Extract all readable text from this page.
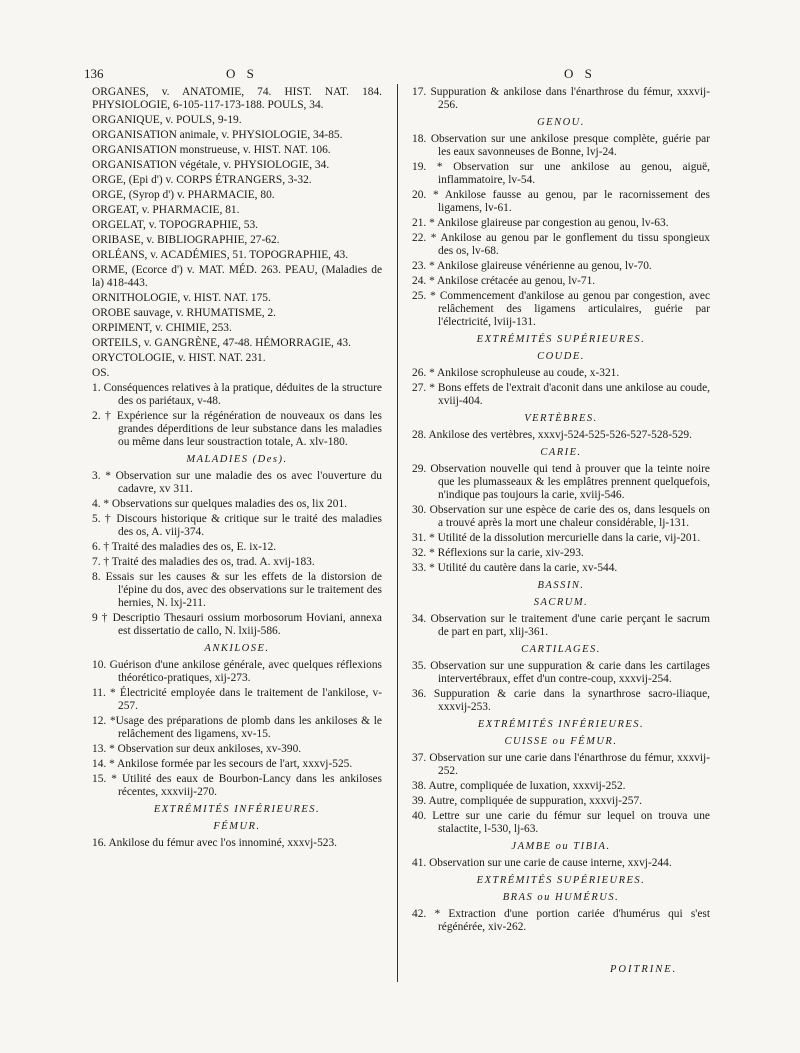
136	O S	O S

ORGANES, v. ANATOMIE, 74. HIST. NAT. 184. PHYSIOLOGIE, 6-105-117-173-188. POULS, 34.

ORGANIQUE, v. POULS, 9-19.

ORGANISATION animale, v. PHYSIOLOGIE, 34-85.

ORGANISATION monstrueuse, v. HIST. NAT. 106.

ORGANISATION végétale, v. PHYSIOLOGIE, 34.

ORGE, (Epi d') v. CORPS ÉTRANGERS, 3-32.

ORGE, (Syrop d') v. PHARMACIE, 80.

ORGEAT, v. PHARMACIE, 81.

ORGELAT, v. TOPOGRAPHIE, 53.

ORIBASE, v. BIBLIOGRAPHIE, 27-62.

ORLÉANS, v. ACADÉMIES, 51. TOPOGRAPHIE, 43.

ORME, (Ecorce d') v. MAT. MÉD. 263. PEAU, (Maladies de la) 418-443.

ORNITHOLOGIE, v. HIST. NAT. 175.

OROBE sauvage, v. RHUMATISME, 2.

ORPIMENT, v. CHIMIE, 253.

ORTEILS, v. GANGRÈNE, 47-48. HÉMORRAGIE, 43.

ORYCTOLOGIE, v. HIST. NAT. 231.

OS.

1. Conséquences relatives à la pratique, déduites de la structure des os pariétaux, v-48.

2. † Expérience sur la régénération de nouveaux os dans les grandes déperditions de leur substance dans les maladies ou même dans leur soustraction totale, A. xlv-180.

MALADIES (Des).

3. * Observation sur une maladie des os avec l'ouverture du cadavre, xv 311.

4. * Observations sur quelques maladies des os, lix 201.

5. † Discours historique & critique sur le traité des maladies des os, A. viij-374.

6. † Traité des maladies des os, E. ix-12.

7. † Traité des maladies des os, trad. A. xvij-183.

8. Essais sur les causes & sur les effets de la distorsion de l'épine du dos, avec des observations sur le traitement des hernies, N. lxj-211.

9 † Descriptio Thesauri ossium morbosorum Hoviani, annexa est dissertatio de callo, N. lxiij-586.

ANKILOSE.

10. Guérison d'une ankilose générale, avec quelques réflexions théorético-pratiques, xij-273.

11. * Électricité employée dans le traitement de l'ankilose, v-257.

12. *Usage des préparations de plomb dans les ankiloses & le relâchement des ligamens, xv-15.

13. * Observation sur deux ankiloses, xv-390.

14. * Ankilose formée par les secours de l'art, xxxvj-525.

15. * Utilité des eaux de Bourbon-Lancy dans les ankiloses récentes, xxxviij-270.

EXTRÉMITÉS INFÉRIEURES.

FÉMUR.

16. Ankilose du fémur avec l'os innominé, xxxvj-523.

17. Suppuration & ankilose dans l'énarthrose du fémur, xxxvij-256.

GENOU.

18. Observation sur une ankilose presque complète, guérie par les eaux savonneuses de Bonne, lvj-24.

19. * Observation sur une ankilose au genou, aiguë, inflammatoire, lv-54.

20. * Ankilose fausse au genou, par le racornissement des ligamens, lv-61.

21. * Ankilose glaireuse par congestion au genou, lv-63.

22. * Ankilose au genou par le gonflement du tissu spongieux des os, lv-68.

23. * Ankilose glaireuse vénérienne au genou, lv-70.

24. * Ankilose crétacée au genou, lv-71.

25. * Commencement d'ankilose au genou par congestion, avec relâchement des ligamens articulaires, guérie par l'électricité, lviij-131.

EXTRÉMITÉS SUPÉRIEURES.

COUDE.

26. * Ankilose scrophuleuse au coude, x-321.

27. * Bons effets de l'extrait d'aconit dans une ankilose au coude, xviij-404.

VERTÈBRES.

28. Ankilose des vertèbres, xxxvj-524-525-526-527-528-529.

CARIE.

29. Observation nouvelle qui tend à prouver que la teinte noire que les plumasseaux & les emplâtres prennent quelquefois, n'indique pas toujours la carie, xviij-546.

30. Observation sur une espèce de carie des os, dans lesquels on a trouvé après la mort une chaleur considérable, lj-131.

31. * Utilité de la dissolution mercurielle dans la carie, vij-201.

32. * Réflexions sur la carie, xiv-293.

33. * Utilité du cautère dans la carie, xv-544.

BASSIN.

SACRUM.

34. Observation sur le traitement d'une carie perçant le sacrum de part en part, xlij-361.

CARTILAGES.

35. Observation sur une suppuration & carie dans les cartilages intervertébraux, effet d'un contre-coup, xxxvij-254.

36. Suppuration & carie dans la synarthrose sacro-iliaque, xxxvij-253.

EXTRÉMITÉS INFÉRIEURES.

CUISSE ou FÉMUR.

37. Observation sur une carie dans l'énarthrose du fémur, xxxvij-252.

38. Autre, compliquée de luxation, xxxvij-252.

39. Autre, compliquée de suppuration, xxxvij-257.

40. Lettre sur une carie du fémur sur lequel on trouva une stalactite, l-530, lj-63.

JAMBE ou TIBIA.

41. Observation sur une carie de cause interne, xxvj-244.

EXTRÉMITÉS SUPÉRIEURES.

BRAS ou HUMÉRUS.

42. * Extraction d'une portion cariée d'humérus qui s'est régénérée, xiv-262.

POITRINE.
